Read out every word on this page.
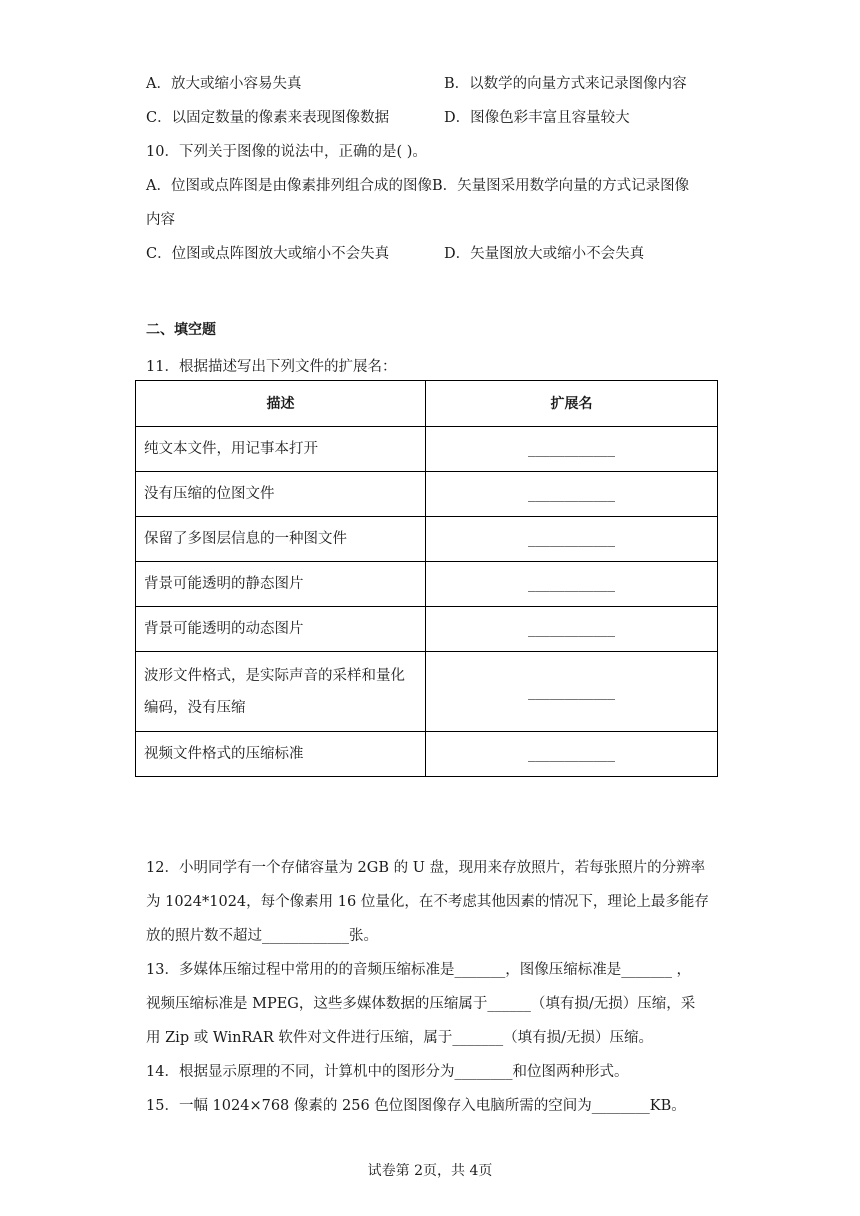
A．放大或缩小容易失真	B．以数学的向量方式来记录图像内容
C．以固定数量的像素来表现图像数据	D．图像色彩丰富且容量较大
10．下列关于图像的说法中，正确的是( )。
A．位图或点阵图是由像素排列组合成的图像B．矢量图采用数学向量的方式记录图像
内容
C．位图或点阵图放大或缩小不会失真	D．矢量图放大或缩小不会失真
二、填空题
11．根据描述写出下列文件的扩展名：
描述	扩展名
纯文本文件，用记事本打开	____________
没有压缩的位图文件	____________
保留了多图层信息的一种图文件	____________
背景可能透明的静态图片	____________
背景可能透明的动态图片	____________

波形文件格式，是实际声音的采样和量化
编码，没有压缩	____________
视频文件格式的压缩标准	____________
12．小明同学有一个存储容量为 2GB 的 U 盘，现用来存放照片，若每张照片的分辨率
为 1024*1024，每个像素用 16 位量化，在不考虑其他因素的情况下，理论上最多能存
放的照片数不超过____________张。
13．多媒体压缩过程中常用的的音频压缩标准是_______，图像压缩标准是_______ ，
视频压缩标准是 MPEG，这些多媒体数据的压缩属于______（填有损/无损）压缩，采
用 Zip 或 WinRAR 软件对文件进行压缩，属于_______（填有损/无损）压缩。
14．根据显示原理的不同，计算机中的图形分为________和位图两种形式。
15．一幅 1024×768 像素的 256 色位图图像存入电脑所需的空间为________KB。
试卷第 2页，共 4页
